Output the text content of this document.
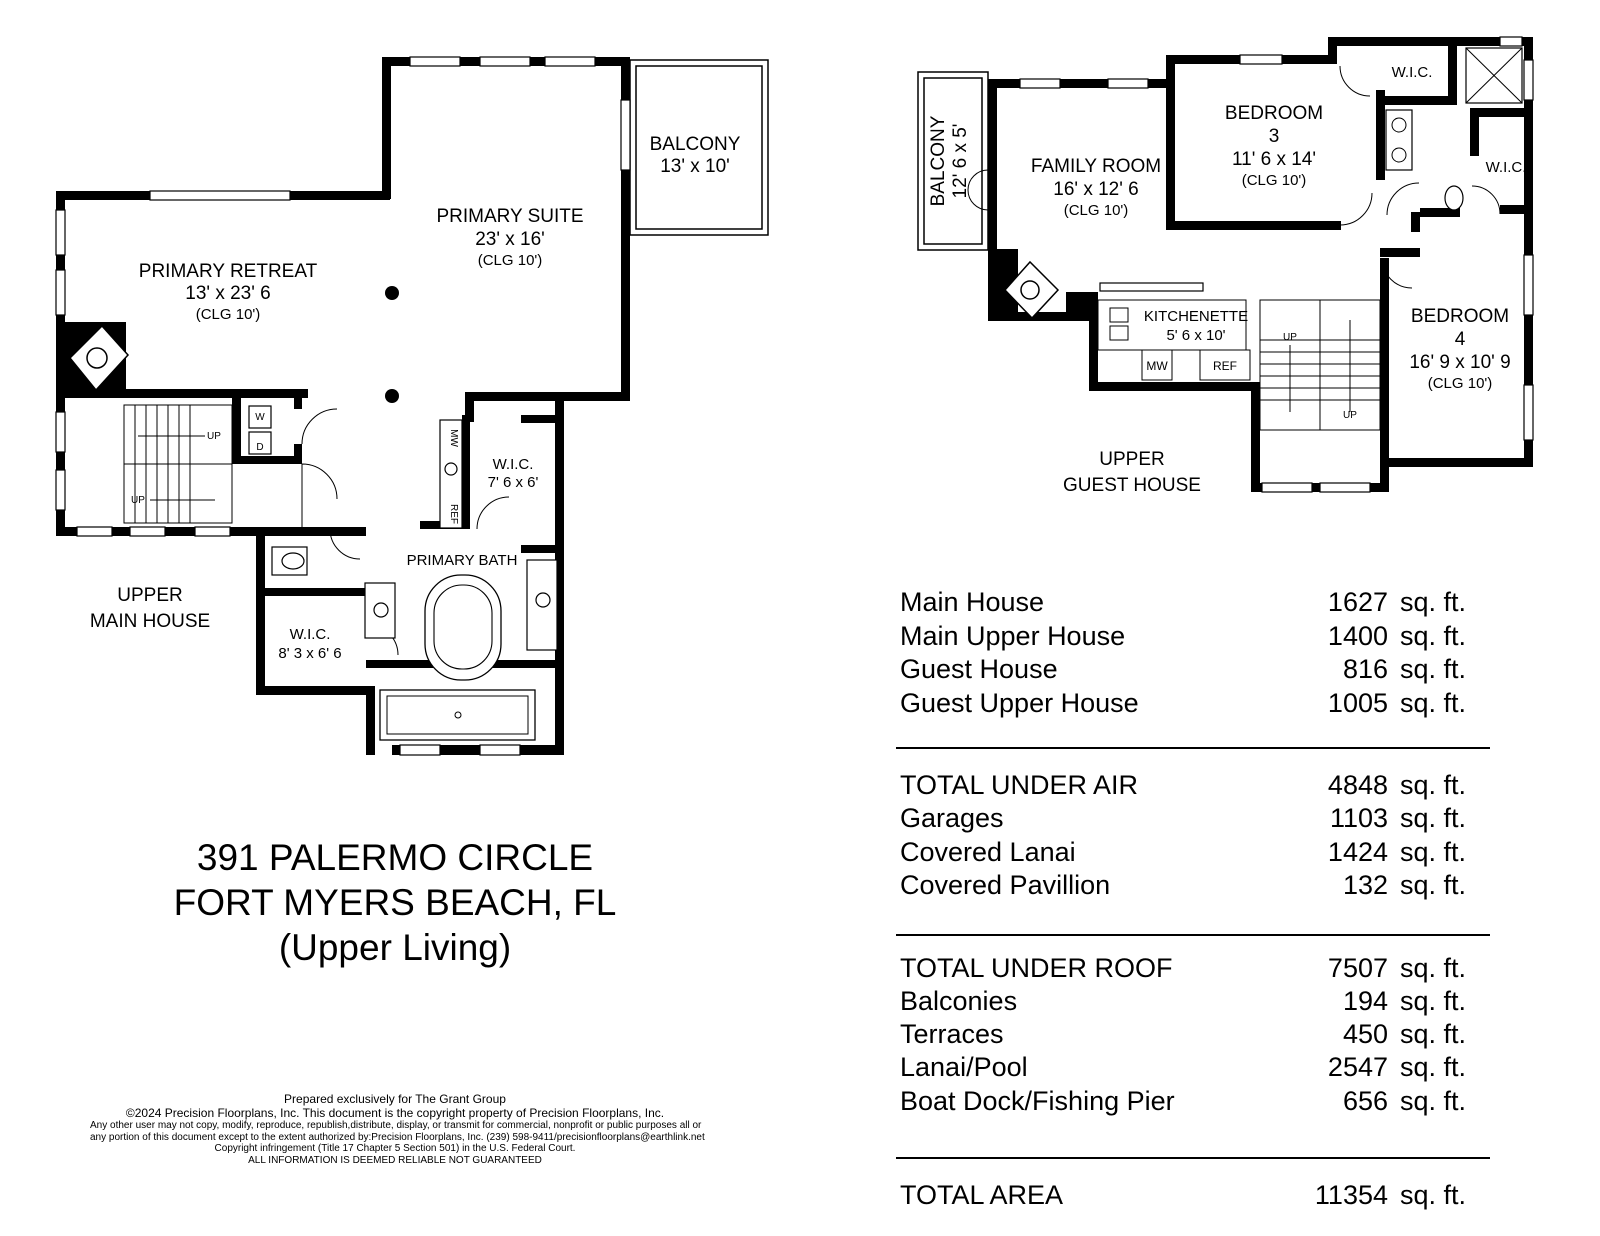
PRIMARY RETREAT
13' x 23' 6
(CLG 10')
PRIMARY SUITE
23' x 16'
(CLG 10')
BALCONY
13' x 10'
W.I.C.
7' 6 x 6'
PRIMARY BATH
W.I.C.
8' 3 x 6' 6
UPPER
MAIN HOUSE
UP
UP
W
D
MW
REF
BALCONY 12' 6 x 5'	FAMILY ROOM
16' x 12' 6
(CLG 10')
BEDROOM
3
11' 6 x 14'
(CLG 10')
W.I.C.
W.I.C.
KITCHENETTE
5' 6 x 10'
BEDROOM
4
16' 9 x 10' 9
(CLG 10')
UPPER
GUEST HOUSE
MW	REF
UP
UP
391 PALERMO CIRCLE
FORT MYERS BEACH, FL
(Upper Living)
Prepared exclusively for The Grant Group
©2024 Precision Floorplans, Inc. This document is the copyright property of Precision Floorplans, Inc.
Any other user may not copy, modify, reproduce, republish,distribute, display, or transmit for commercial, nonprofit or public purposes all or
any portion of this document except to the extent authorized by:Precision Floorplans, Inc. (239) 598-9411/precisionfloorplans@earthlink.net
Copyright infringement (Title 17 Chapter 5 Section 501) in the U.S. Federal Court.
ALL INFORMATION IS DEEMED RELIABLE NOT GUARANTEED
Main House	1627 sq. ft.
Main Upper House	1400 sq. ft.
Guest House	816 sq. ft.
Guest Upper House	1005 sq. ft.
TOTAL UNDER AIR	4848 sq. ft.
Garages	1103 sq. ft.
Covered Lanai	1424 sq. ft.
Covered Pavillion	132 sq. ft.
TOTAL UNDER ROOF	7507 sq. ft.
Balconies	194 sq. ft.
Terraces	450 sq. ft.
Lanai/Pool	2547 sq. ft.
Boat Dock/Fishing Pier	656 sq. ft.
TOTAL AREA	11354 sq. ft.
